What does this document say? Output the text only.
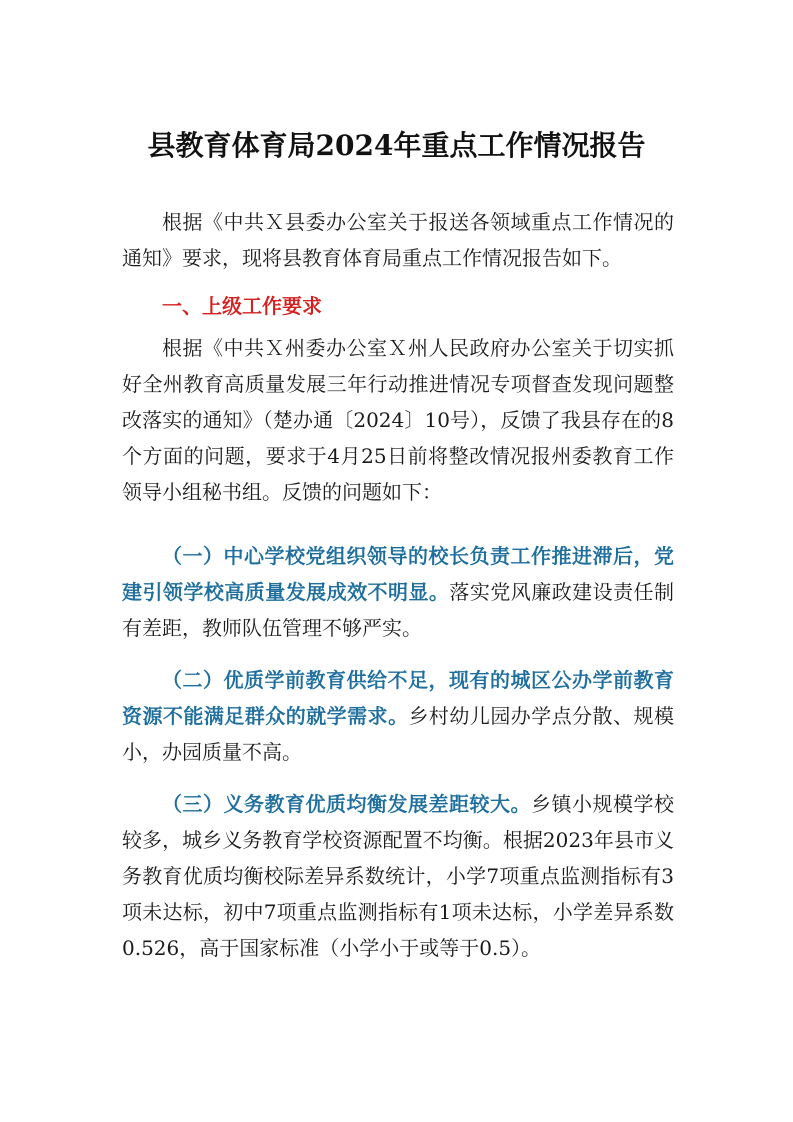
县教育体育局2024年重点工作情况报告

根据《中共Ｘ县委办公室关于报送各领域重点工作情况的通知》要求，现将县教育体育局重点工作情况报告如下。

一、上级工作要求

根据《中共Ｘ州委办公室Ｘ州人民政府办公室关于切实抓好全州教育高质量发展三年行动推进情况专项督查发现问题整改落实的通知》（楚办通〔2024〕10号），反馈了我县存在的8个方面的问题，要求于4月25日前将整改情况报州委教育工作领导小组秘书组。反馈的问题如下：

（一）中心学校党组织领导的校长负责工作推进滞后，党建引领学校高质量发展成效不明显。落实党风廉政建设责任制有差距，教师队伍管理不够严实。

（二）优质学前教育供给不足，现有的城区公办学前教育资源不能满足群众的就学需求。乡村幼儿园办学点分散、规模小，办园质量不高。

（三）义务教育优质均衡发展差距较大。乡镇小规模学校较多，城乡义务教育学校资源配置不均衡。根据2023年县市义务教育优质均衡校际差异系数统计，小学7项重点监测指标有3项未达标，初中7项重点监测指标有1项未达标，小学差异系数0.526，高于国家标准（小学小于或等于0.5）。
